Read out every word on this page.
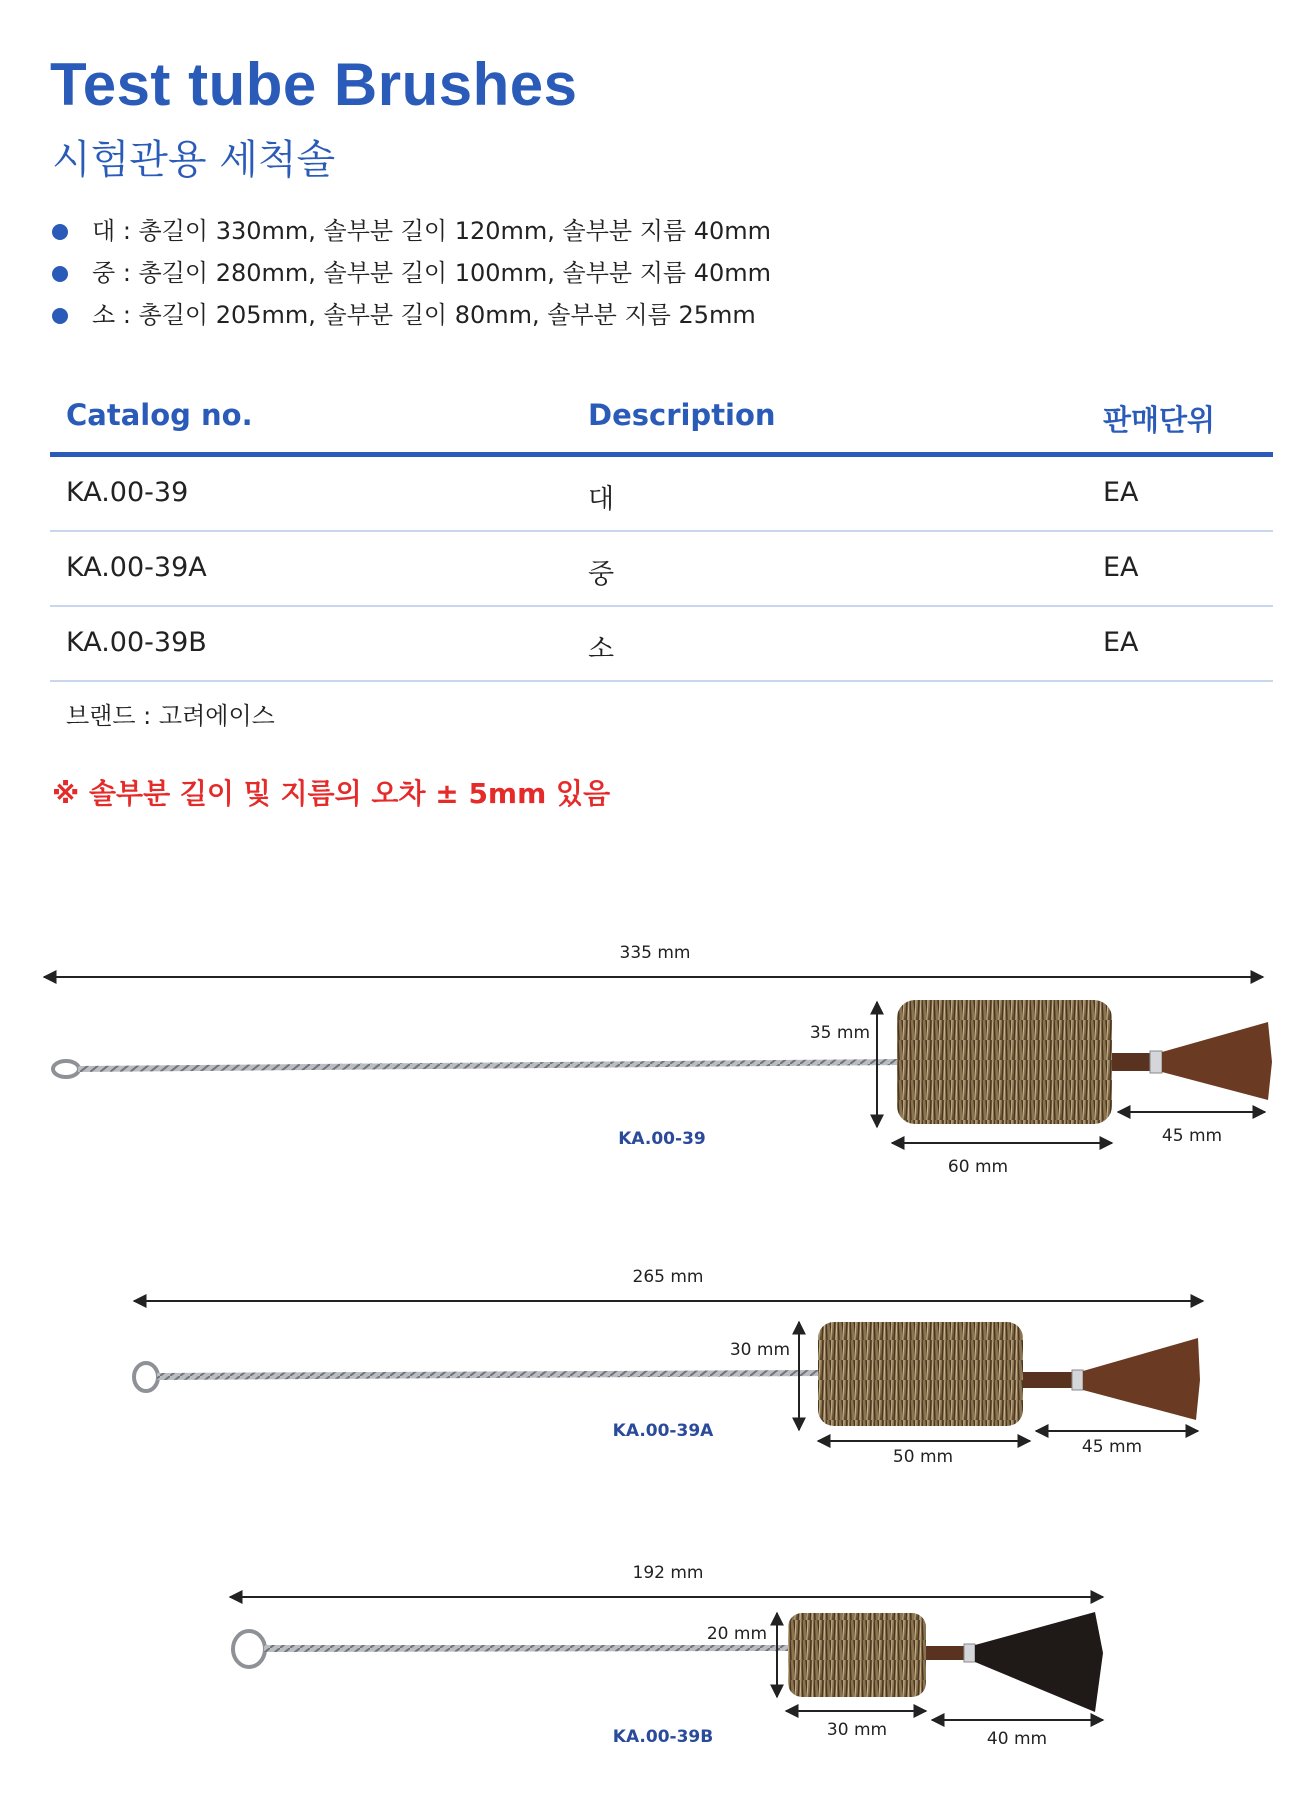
Test tube Brushes
시험관용 세척솔
대 : 총길이 330mm, 솔부분 길이 120mm, 솔부분 지름 40mm
중 : 총길이 280mm, 솔부분 길이 100mm, 솔부분 지름 40mm
소 : 총길이 205mm, 솔부분 길이 80mm, 솔부분 지름 25mm
Catalog no.	Description	판매단위
KA.00-39	대	EA
KA.00-39A	중	EA
KA.00-39B	소	EA
브랜드 : 고려에이스
※ 솔부분 길이 및 지름의 오차 ± 5mm 있음
335 mm
35 mm
60 mm
45 mm
KA.00-39
265 mm
30 mm
50 mm	45 mm
KA.00-39A
192 mm
20 mm
30 mm	40 mm
KA.00-39B
